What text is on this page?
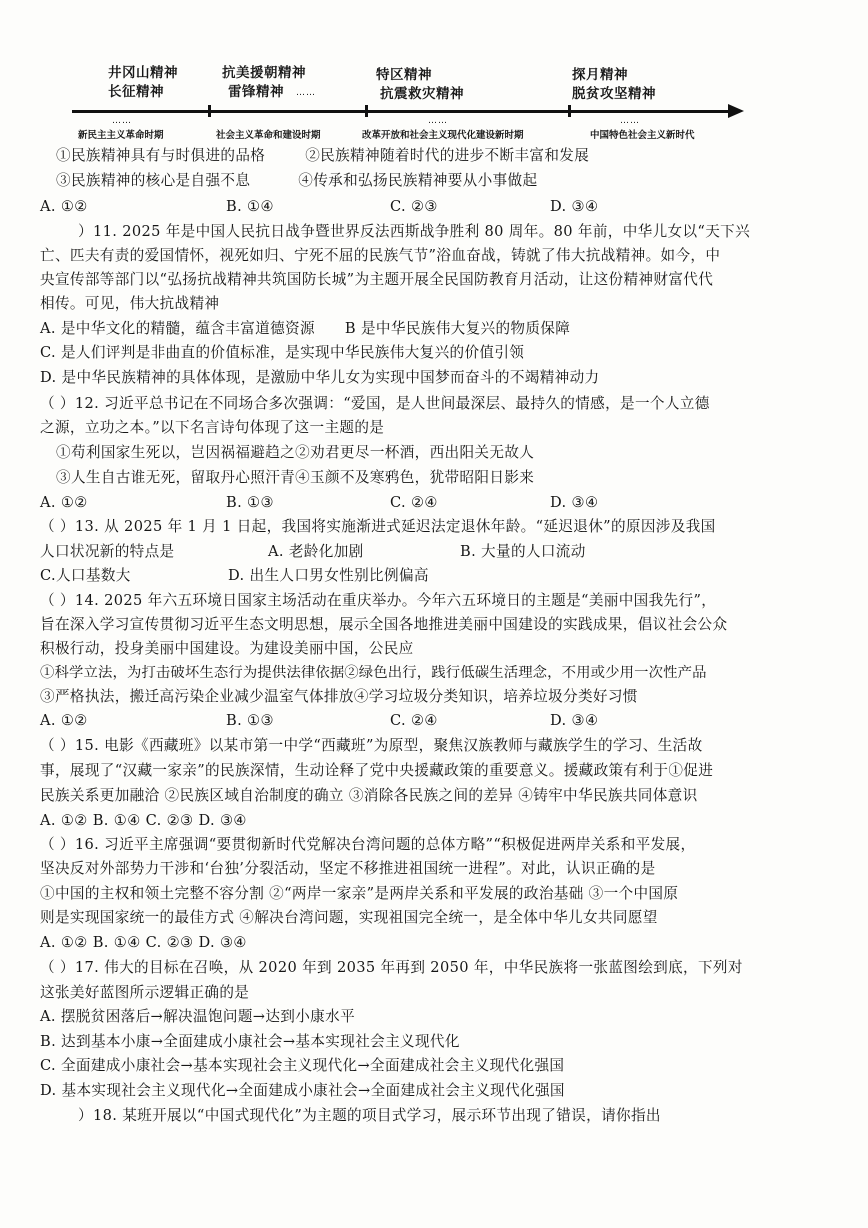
井冈山精神
长征精神
抗美援朝精神
雷锋精神
特区精神
抗震救灾精神
探月精神
脱贫攻坚精神
……
……	……	……
新民主主义革命时期	社会主义革命和建设时期	改革开放和社会主义现代化建设新时期	中国特色社会主义新时代
①民族精神具有与时俱进的品格	②民族精神随着时代的进步不断丰富和发展
③民族精神的核心是自强不息	④传承和弘扬民族精神要从小事做起
A. ①②	B. ①④	C. ②③	D. ③④
）11. 2025 年是中国人民抗日战争暨世界反法西斯战争胜利 80 周年。80 年前，中华儿女以“天下兴
亡、匹夫有责的爱国情怀，视死如归、宁死不屈的民族气节”浴血奋战，铸就了伟大抗战精神。如今，中
央宣传部等部门以“弘扬抗战精神共筑国防长城”为主题开展全民国防教育月活动，让这份精神财富代代
相传。可见，伟大抗战精神
A. 是中华文化的精髓，蕴含丰富道德资源 B 是中华民族伟大复兴的物质保障
C. 是人们评判是非曲直的价值标准，是实现中华民族伟大复兴的价值引领
D. 是中华民族精神的具体体现，是激励中华儿女为实现中国梦而奋斗的不竭精神动力
（ ）12. 习近平总书记在不同场合多次强调：“爱国，是人世间最深层、最持久的情感，是一个人立德
之源，立功之本。”以下名言诗句体现了这一主题的是
①苟利国家生死以，岂因祸福避趋之②劝君更尽一杯酒，西出阳关无故人
③人生自古谁无死，留取丹心照汗青④玉颜不及寒鸦色，犹带昭阳日影来
A. ①②	B. ①③	C. ②④	D. ③④
（ ）13. 从 2025 年 1 月 1 日起，我国将实施渐进式延迟法定退休年龄。“延迟退休”的原因涉及我国
人口状况新的特点是	A. 老龄化加剧	B. 大量的人口流动
C.人口基数大	D. 出生人口男女性别比例偏高
（ ）14. 2025 年六五环境日国家主场活动在重庆举办。今年六五环境日的主题是“美丽中国我先行”，
旨在深入学习宣传贯彻习近平生态文明思想，展示全国各地推进美丽中国建设的实践成果，倡议社会公众
积极行动，投身美丽中国建设。为建设美丽中国，公民应
①科学立法，为打击破坏生态行为提供法律依据②绿色出行，践行低碳生活理念，不用或少用一次性产品
③严格执法，搬迁高污染企业减少温室气体排放④学习垃圾分类知识，培养垃圾分类好习惯
A. ①②	B. ①③	C. ②④	D. ③④
（ ）15. 电影《西藏班》以某市第一中学“西藏班”为原型，聚焦汉族教师与藏族学生的学习、生活故
事，展现了“汉藏一家亲”的民族深情，生动诠释了党中央援藏政策的重要意义。援藏政策有利于①促进
民族关系更加融洽 ②民族区域自治制度的确立 ③消除各民族之间的差异 ④铸牢中华民族共同体意识
A. ①② B. ①④ C. ②③ D. ③④
（ ）16. 习近平主席强调“要贯彻新时代党解决台湾问题的总体方略”“积极促进两岸关系和平发展，
坚决反对外部势力干涉和‘台独’分裂活动，坚定不移推进祖国统一进程”。对此，认识正确的是
①中国的主权和领土完整不容分割 ②“两岸一家亲”是两岸关系和平发展的政治基础 ③一个中国原
则是实现国家统一的最佳方式 ④解决台湾问题，实现祖国完全统一，是全体中华儿女共同愿望
A. ①② B. ①④ C. ②③ D. ③④
（ ）17. 伟大的目标在召唤，从 2020 年到 2035 年再到 2050 年，中华民族将一张蓝图绘到底，下列对
这张美好蓝图所示逻辑正确的是
A. 摆脱贫困落后→解决温饱问题→达到小康水平
B. 达到基本小康→全面建成小康社会→基本实现社会主义现代化
C. 全面建成小康社会→基本实现社会主义现代化→全面建成社会主义现代化强国
D. 基本实现社会主义现代化→全面建成小康社会→全面建成社会主义现代化强国
）18. 某班开展以“中国式现代化”为主题的项目式学习，展示环节出现了错误，请你指出
